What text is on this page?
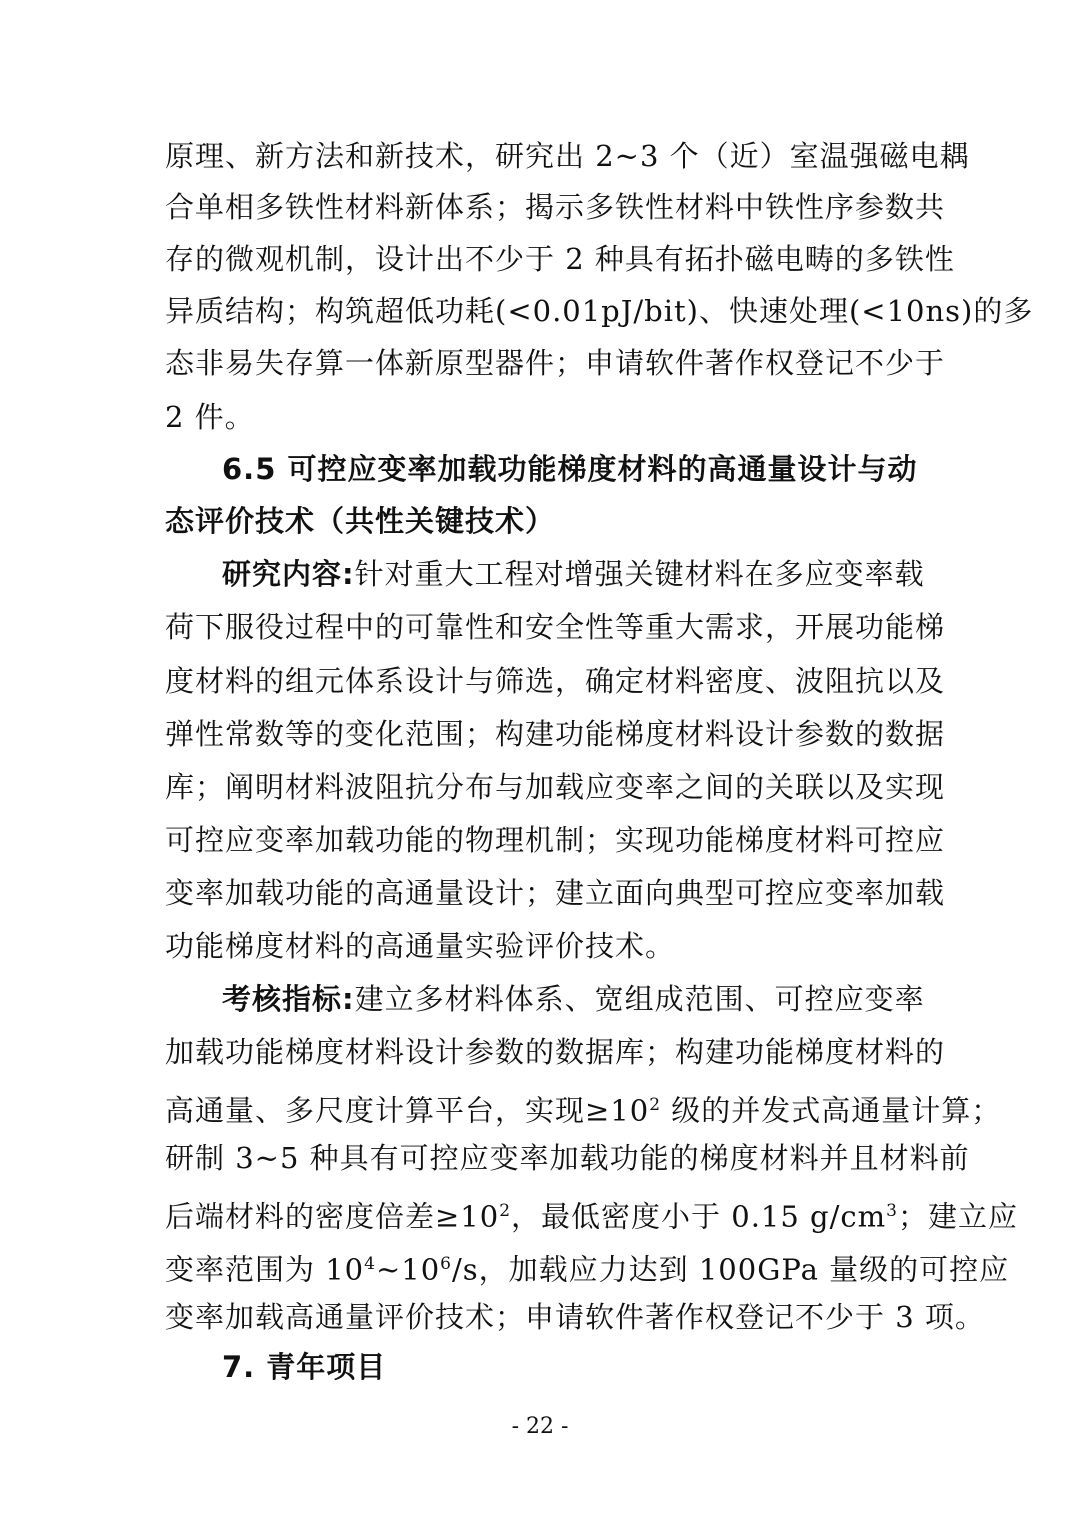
原理、新方法和新技术，研究出 2~3 个（近）室温强磁电耦
合单相多铁性材料新体系；揭示多铁性材料中铁性序参数共
存的微观机制，设计出不少于 2 种具有拓扑磁电畴的多铁性
异质结构；构筑超低功耗(<0.01pJ/bit)、快速处理(<10ns)的多
态非易失存算一体新原型器件；申请软件著作权登记不少于
2 件。
6.5 可控应变率加载功能梯度材料的高通量设计与动
态评价技术（共性关键技术）
研究内容:针对重大工程对增强关键材料在多应变率载
荷下服役过程中的可靠性和安全性等重大需求，开展功能梯
度材料的组元体系设计与筛选，确定材料密度、波阻抗以及
弹性常数等的变化范围；构建功能梯度材料设计参数的数据
库；阐明材料波阻抗分布与加载应变率之间的关联以及实现
可控应变率加载功能的物理机制；实现功能梯度材料可控应
变率加载功能的高通量设计；建立面向典型可控应变率加载
功能梯度材料的高通量实验评价技术。
考核指标:建立多材料体系、宽组成范围、可控应变率
加载功能梯度材料设计参数的数据库；构建功能梯度材料的
高通量、多尺度计算平台，实现$\ge 10^2$ 级的并发式高通量计算；
研制 3~5 种具有可控应变率加载功能的梯度材料并且材料前
后端材料的密度倍差$\ge 10^2$，最低密度小于 0.15 $g/cm^3$；建立应
变率范围为 $10^4\sim 10^6/s$，加载应力达到 100GPa 量级的可控应
变率加载高通量评价技术；申请软件著作权登记不少于 3 项。
7. 青年项目
- 22 -
